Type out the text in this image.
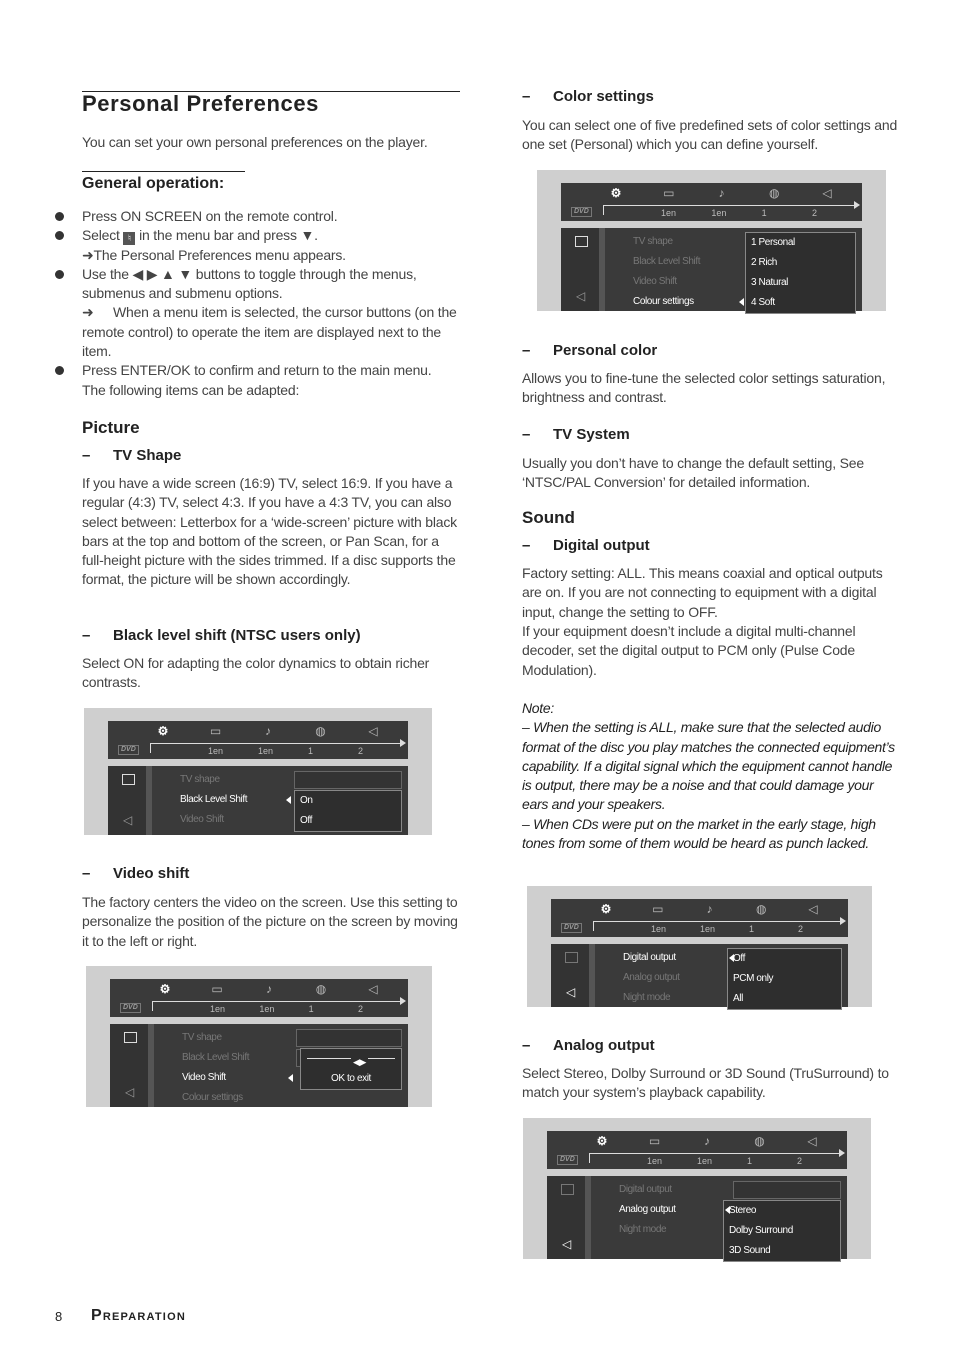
Personal Preferences

You can set your own personal preferences on the player.

General operation:
Press ON SCREEN on the remote control.
Select ♮ in the menu bar and press ▼.
➜The Personal Preferences menu appears.
Use the ◀ ▶ ▲ ▼ buttons to toggle through the menus, submenus and submenu options.
➜ When a menu item is selected, the cursor buttons (on the remote control) to operate the item are displayed next to the item.
Press ENTER/OK to confirm and return to the main menu.
The following items can be adapted:
Picture
– TV Shape

If you have a wide screen (16:9) TV, select 16:9. If you have a regular (4:3) TV, select 4:3. If you have a 4:3 TV, you can also select between: Letterbox for a ‘wide-screen’ picture with black bars at the top and bottom of the screen, or Pan Scan, for a full-height picture with the sides trimmed. If a disc supports the format, the picture will be shown accordingly.

– Black level shift (NTSC users only)

Select ON for adapting the color dynamics to obtain richer contrasts.

– Video shift

The factory centers the video on the screen. Use this setting to personalize the position of the picture on the screen by moving it to the left or right.

– Color settings

You can select one of five predefined sets of color settings and one set (Personal) which you can define yourself.

– Personal color

Allows you to fine-tune the selected color settings saturation, brightness and contrast.

– TV System

Usually you don’t have to change the default setting, See ‘NTSC/PAL Conversion’ for detailed information.

Sound
– Digital output

Factory setting: ALL. This means coaxial and optical outputs are on. If you are not connecting to equipment with a digital input, change the setting to OFF.

If your equipment doesn’t include a digital multi-channel decoder, set the digital output to PCM only (Pulse Code Modulation).

Note:

– When the setting is ALL, make sure that the selected audio format of the disc you play matches the connected equipment’s capability. If a digital signal which the equipment cannot handle is output, there may be a noise and that could damage your ears and your speakers.

– When CDs were put on the market in the early stage, high tones from some of them would be heard as punch lacked.

– Analog output

Select Stereo, Dolby Surround or 3D Sound (TruSurround) to match your system’s playback capability.

⚙	▭	♪	◍	◁
DVD	1en	1en	1	2
◁
TV shape
Black Level Shift
Video Shift
On
Off
⚙	▭	♪	◍	◁
DVD	1en	1en	1	2
◁
TV shape
Black Level Shift
Video Shift
Colour settings
◀▶
OK to exit
⚙	▭	♪	◍	◁
DVD	1en	1en	1	2
◁
TV shape
Black Level Shift
Video Shift
Colour settings
1 Personal
2 Rich
3 Natural
4 Soft
⚙	▭	♪	◍	◁
DVD	1en	1en	1	2
◁
Digital output
Analog output
Night mode
Off
PCM only
All
⚙	▭	♪	◍	◁
DVD	1en	1en	1	2
◁
Digital output
Analog output
Night mode
Stereo
Dolby Surround
3D Sound
8 Preparation
